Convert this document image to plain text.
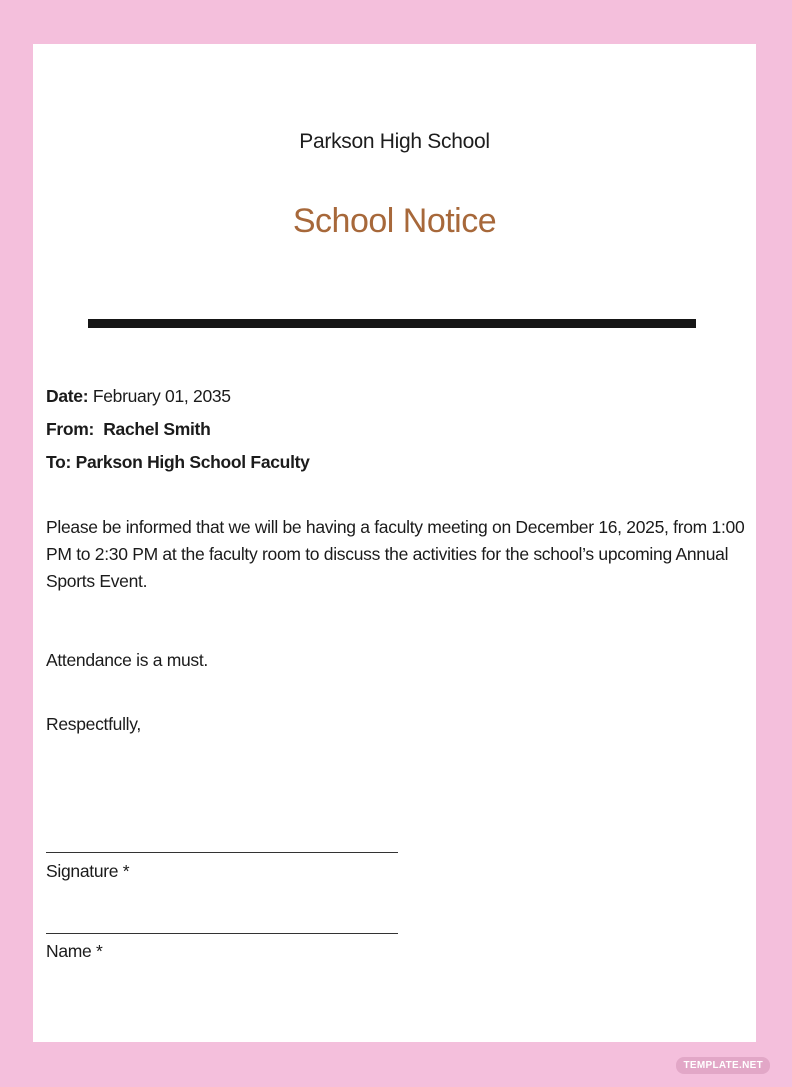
Parkson High School
School Notice
Date: February 01, 2035
From: Rachel Smith
To: Parkson High School Faculty
Please be informed that we will be having a faculty meeting on December 16, 2025, from 1:00 PM to 2:30 PM at the faculty room to discuss the activities for the school’s upcoming Annual Sports Event.
Attendance is a must.
Respectfully,
Signature *
Name *
TEMPLATE.NET
